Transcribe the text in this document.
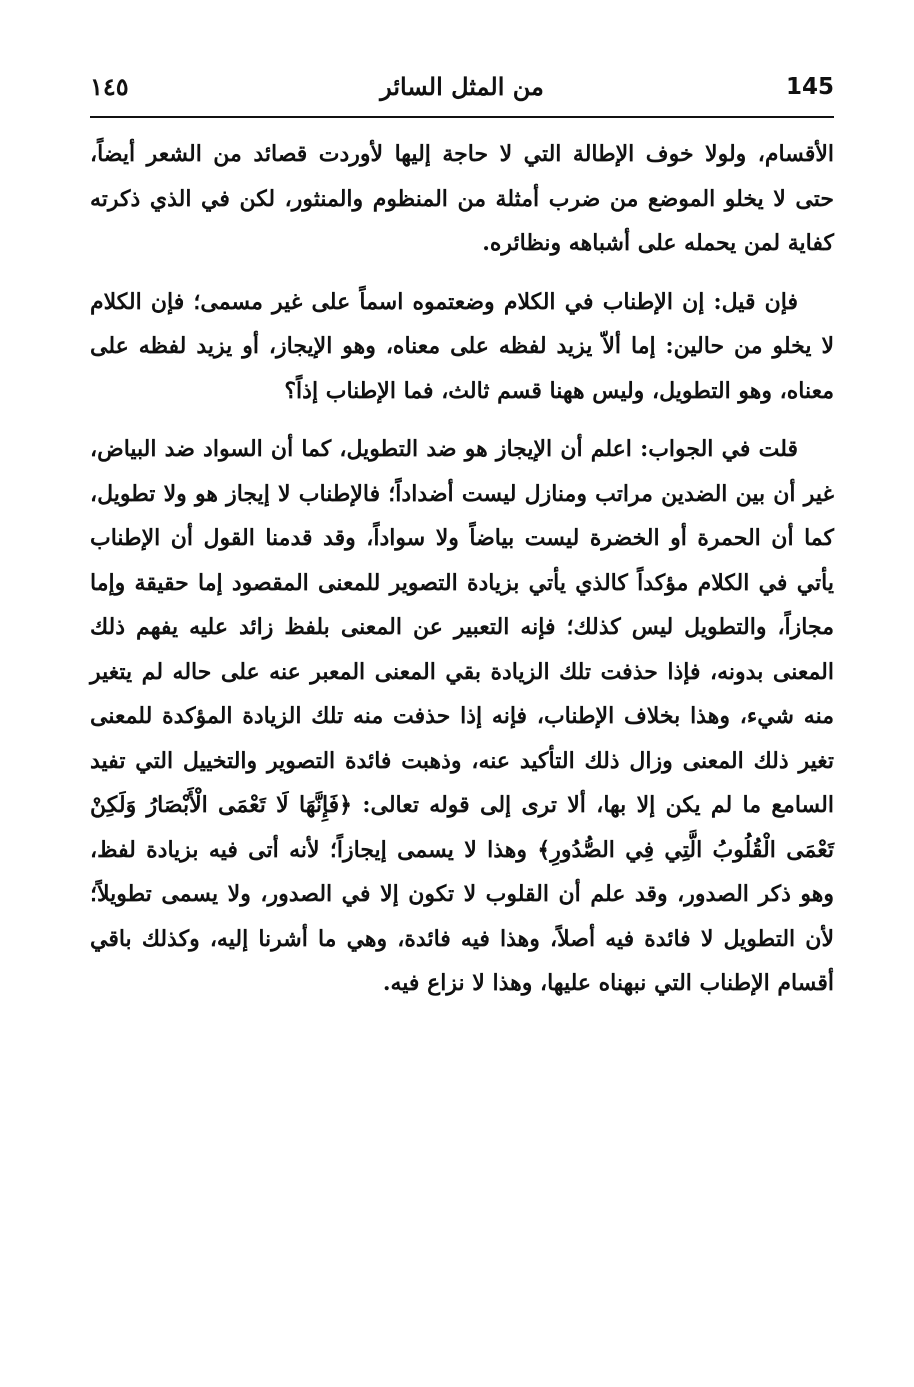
145
من المثل السائر
١٤٥

الأقسام، ولولا خوف الإطالة التي لا حاجة إليها لأوردت قصائد من الشعر أيضاً، حتى لا يخلو الموضع من ضرب أمثلة من المنظوم والمنثور، لكن في الذي ذكرته كفاية لمن يحمله على أشباهه ونظائره.

فإن قيل: إن الإطناب في الكلام وضعتموه اسماً على غير مسمى؛ فإن الكلام لا يخلو من حالين: إما ألاّ يزيد لفظه على معناه، وهو الإيجاز، أو يزيد لفظه على معناه، وهو التطويل، وليس ههنا قسم ثالث، فما الإطناب إذاً؟

قلت في الجواب: اعلم أن الإيجاز هو ضد التطويل، كما أن السواد ضد البياض، غير أن بين الضدين مراتب ومنازل ليست أضداداً؛ فالإطناب لا إيجاز هو ولا تطويل، كما أن الحمرة أو الخضرة ليست بياضاً ولا سواداً، وقد قدمنا القول أن الإطناب يأتي في الكلام مؤكداً كالذي يأتي بزيادة التصوير للمعنى المقصود إما حقيقة وإما مجازاً، والتطويل ليس كذلك؛ فإنه التعبير عن المعنى بلفظ زائد عليه يفهم ذلك المعنى بدونه، فإذا حذفت تلك الزيادة بقي المعنى المعبر عنه على حاله لم يتغير منه شيء، وهذا بخلاف الإطناب، فإنه إذا حذفت منه تلك الزيادة المؤكدة للمعنى تغير ذلك المعنى وزال ذلك التأكيد عنه، وذهبت فائدة التصوير والتخييل التي تفيد السامع ما لم يكن إلا بها، ألا ترى إلى قوله تعالى: ﴿فَإِنَّهَا لَا تَعْمَى الْأَبْصَارُ وَلَكِنْ تَعْمَى الْقُلُوبُ الَّتِي فِي الصُّدُورِ﴾ وهذا لا يسمى إيجازاً؛ لأنه أتى فيه بزيادة لفظ، وهو ذكر الصدور، وقد علم أن القلوب لا تكون إلا في الصدور، ولا يسمى تطويلاً؛ لأن التطويل لا فائدة فيه أصلاً، وهذا فيه فائدة، وهي ما أشرنا إليه، وكذلك باقي أقسام الإطناب التي نبهناه عليها، وهذا لا نزاع فيه.
